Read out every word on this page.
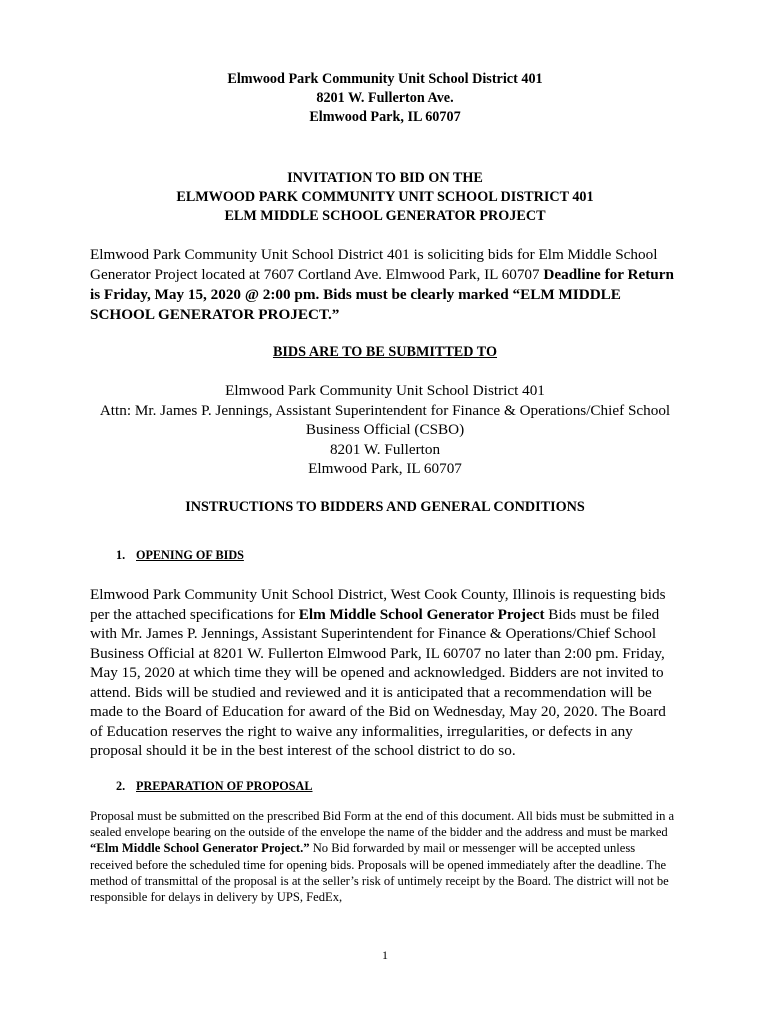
Elmwood Park Community Unit School District 401
8201 W. Fullerton Ave.
Elmwood Park, IL 60707
INVITATION TO BID ON THE
ELMWOOD PARK COMMUNITY UNIT SCHOOL DISTRICT 401
ELM MIDDLE SCHOOL GENERATOR PROJECT
Elmwood Park Community Unit School District 401 is soliciting bids for Elm Middle School Generator Project located at 7607 Cortland Ave. Elmwood Park, IL 60707 Deadline for Return is Friday, May 15, 2020 @ 2:00 pm. Bids must be clearly marked “ELM MIDDLE SCHOOL GENERATOR PROJECT.”
BIDS ARE TO BE SUBMITTED TO
Elmwood Park Community Unit School District 401
Attn: Mr. James P. Jennings, Assistant Superintendent for Finance & Operations/Chief School
Business Official (CSBO)
8201 W. Fullerton
Elmwood Park, IL 60707
INSTRUCTIONS TO BIDDERS AND GENERAL CONDITIONS
1. OPENING OF BIDS
Elmwood Park Community Unit School District, West Cook County, Illinois is requesting bids per the attached specifications for Elm Middle School Generator Project Bids must be filed with Mr. James P. Jennings, Assistant Superintendent for Finance & Operations/Chief School Business Official at 8201 W. Fullerton Elmwood Park, IL 60707 no later than 2:00 pm. Friday, May 15, 2020 at which time they will be opened and acknowledged. Bidders are not invited to attend. Bids will be studied and reviewed and it is anticipated that a recommendation will be made to the Board of Education for award of the Bid on Wednesday, May 20, 2020. The Board of Education reserves the right to waive any informalities, irregularities, or defects in any proposal should it be in the best interest of the school district to do so.
2. PREPARATION OF PROPOSAL
Proposal must be submitted on the prescribed Bid Form at the end of this document. All bids must be submitted in a sealed envelope bearing on the outside of the envelope the name of the bidder and the address and must be marked “Elm Middle School Generator Project.” No Bid forwarded by mail or messenger will be accepted unless received before the scheduled time for opening bids. Proposals will be opened immediately after the deadline. The method of transmittal of the proposal is at the seller’s risk of untimely receipt by the Board. The district will not be responsible for delays in delivery by UPS, FedEx,
1
